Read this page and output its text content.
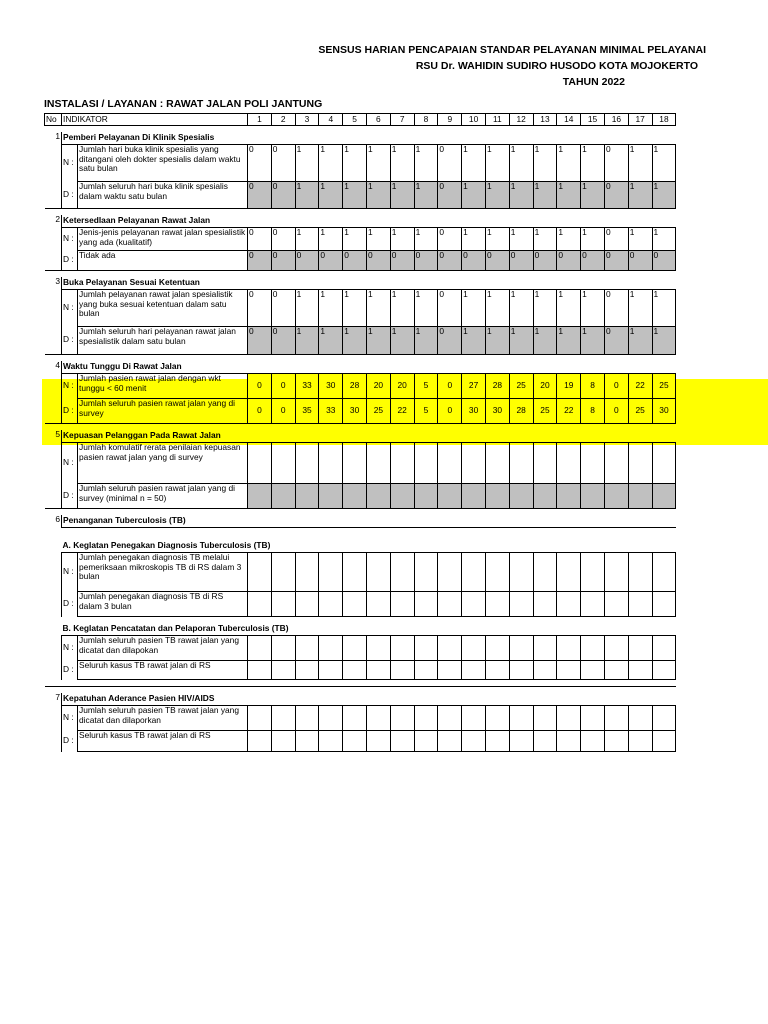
SENSUS HARIAN PENCAPAIAN STANDAR PELAYANAN MINIMAL PELAYANAI
RSU Dr. WAHIDIN SUDIRO HUSODO KOTA MOJOKERTO
TAHUN 2022
INSTALASI / LAYANAN : RAWAT JALAN POLI JANTUNG
No	INDIKATOR		1	2	3	4	5	6	7	8	9	10	11	12	13	14	15	16	17	18

1	Pemberi Pelayanan Di Klinik Spesialis																			
	N :	Jumlah hari buka klinik spesialis yang ditangani oleh dokter spesialis dalam waktu satu bulan	0	0	1	1	1	1	1	1	0	1	1	1	1	1	1	0	1	1
	D :	Jumlah seluruh hari buka klinik spesialis dalam waktu satu bulan	0	0	1	1	1	1	1	1	0	1	1	1	1	1	1	0	1	1

2	Ketersedlaan Pelayanan Rawat Jalan																			
	N :	Jenis-jenis pelayanan rawat jalan spesialistik yang ada (kualitatif)	0	0	1	1	1	1	1	1	0	1	1	1	1	1	1	0	1	1
	D :	Tidak ada	0	0	0	0	0	0	0	0	0	0	0	0	0	0	0	0	0	0

3	Buka Pelayanan Sesuai Ketentuan																			
	N :	Jumlah pelayanan rawat jalan spesialistik yang buka sesuai ketentuan dalam satu bulan	0	0	1	1	1	1	1	1	0	1	1	1	1	1	1	0	1	1
	D :	Jumlah seluruh hari pelayanan rawat jalan spesialistik dalam satu bulan	0	0	1	1	1	1	1	1	0	1	1	1	1	1	1	0	1	1

4	Waktu Tunggu Di Rawat Jalan																			
	N :	Jumlah pasien rawat jalan dengan wkt tunggu < 60 menit	0	0	33	30	28	20	20	5	0	27	28	25	20	19	8	0	22	25
	D :	Jumlah seluruh pasien rawat jalan yang di survey	0	0	35	33	30	25	22	5	0	30	30	28	25	22	8	0	25	30

5	Kepuasan Pelanggan Pada Rawat Jalan																			
	N :	Jumlah komulatif rerata penilaian kepuasan pasien rawat jalan yang di survey																		
	D :	Jumlah seluruh pasien rawat jalan yang di survey (minimal n = 50)																		

6	Penanganan Tuberculosis (TB)																			

	A. Keglatan Penegakan Diagnosis Tuberculosis (TB)																			
	N :	Jumlah penegakan diagnosis TB melalui pemeriksaan mikroskopis TB di RS dalam 3 bulan																		
	D :	Jumlah penegakan diagnosis TB di RS dalam 3 bulan																		

	B. Keglatan Pencatatan dan Pelaporan Tuberculosis (TB)																			
	N :	Jumlah seluruh pasien TB rawat jalan yang dicatat dan dilapokan																		
	D :	Seluruh kasus TB rawat jalan di RS																		

7	Kepatuhan Aderance Pasien HIV/AIDS																			
	N :	Jumlah seluruh pasien TB rawat jalan yang dicatat dan dilaporkan																		
	D :	Seluruh kasus TB rawat jalan di RS																		
